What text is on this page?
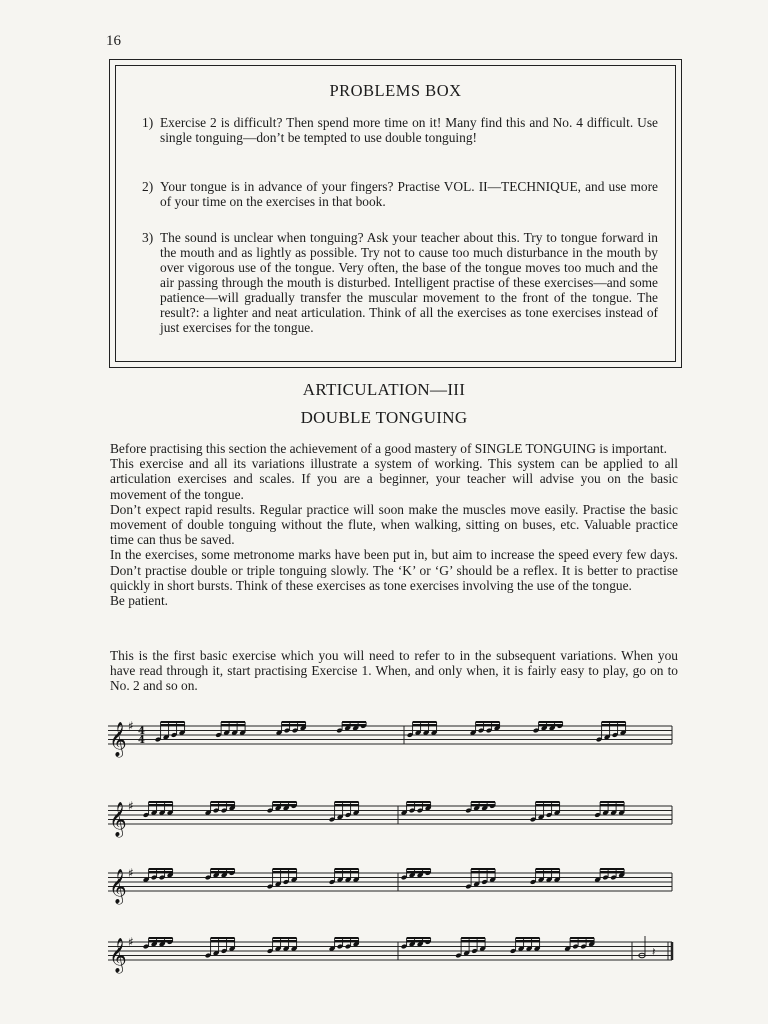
16
PROBLEMS BOX
1) Exercise 2 is difficult? Then spend more time on it! Many find this and No. 4 difficult. Use single tonguing—don’t be tempted to use double tonguing!
2) Your tongue is in advance of your fingers? Practise VOL. II—TECHNIQUE, and use more of your time on the exercises in that book.
3) The sound is unclear when tonguing? Ask your teacher about this. Try to tongue forward in the mouth and as lightly as possible. Try not to cause too much disturbance in the mouth by over vigorous use of the tongue. Very often, the base of the tongue moves too much and the air passing through the mouth is disturbed. Intelligent practise of these exercises—and some patience—will gradually transfer the muscular movement to the front of the tongue. The result?: a lighter and neat articulation. Think of all the exercises as tone exercises instead of just exercises for the tongue.
ARTICULATION—III
DOUBLE TONGUING

Before practising this section the achievement of a good mastery of SINGLE TONGUING is important.

This exercise and all its variations illustrate a system of working. This system can be applied to all articulation exercises and scales. If you are a beginner, your teacher will advise you on the basic movement of the tongue.

Don’t expect rapid results. Regular practice will soon make the muscles move easily. Practise the basic movement of double tonguing without the flute, when walking, sitting on buses, etc. Valuable practice time can thus be saved.

In the exercises, some metronome marks have been put in, but aim to increase the speed every few days. Don’t practise double or triple tonguing slowly. The ‘K’ or ‘G’ should be a reflex. It is better to practise quickly in short bursts. Think of these exercises as tone exercises involving the use of the tongue.

Be patient.

This is the first basic exercise which you will need to refer to in the subsequent variations. When you have read through it, start practising Exercise 1. When, and only when, it is fairly easy to play, go on to No. 2 and so on.

𝄞 ♯ 4
4
𝄞 ♯
𝄞 ♯
𝄞 ♯
𝄽
